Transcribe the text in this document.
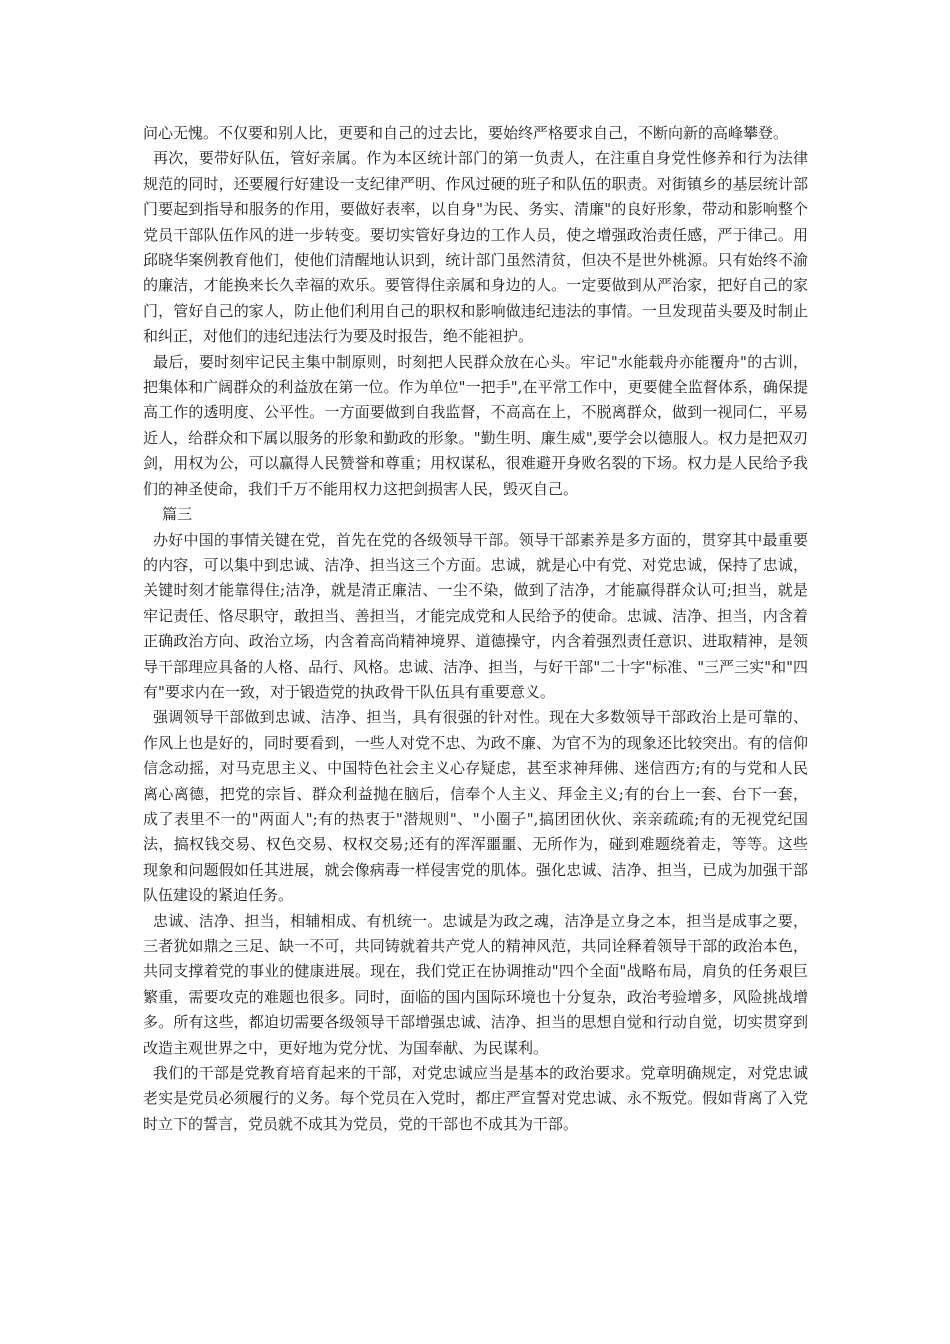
问心无愧。不仅要和别人比，更要和自己的过去比，要始终严格要求自己，不断向新的高峰攀登。

再次，要带好队伍，管好亲属。作为本区统计部门的第一负责人，在注重自身党性修养和行为法律规范的同时，还要履行好建设一支纪律严明、作风过硬的班子和队伍的职责。对街镇乡的基层统计部门要起到指导和服务的作用，要做好表率，以自身"为民、务实、清廉"的良好形象，带动和影响整个党员干部队伍作风的进一步转变。要切实管好身边的工作人员，使之增强政治责任感，严于律己。用邱晓华案例教育他们，使他们清醒地认识到，统计部门虽然清贫，但决不是世外桃源。只有始终不渝的廉洁，才能换来长久幸福的欢乐。要管得住亲属和身边的人。一定要做到从严治家，把好自己的家门，管好自己的家人，防止他们利用自己的职权和影响做违纪违法的事情。一旦发现苗头要及时制止和纠正，对他们的违纪违法行为要及时报告，绝不能袒护。

最后，要时刻牢记民主集中制原则，时刻把人民群众放在心头。牢记"水能载舟亦能覆舟"的古训，把集体和广阔群众的利益放在第一位。作为单位"一把手",在平常工作中，更要健全监督体系，确保提高工作的透明度、公平性。一方面要做到自我监督，不高高在上，不脱离群众，做到一视同仁，平易近人，给群众和下属以服务的形象和勤政的形象。"勤生明、廉生威",要学会以德服人。权力是把双刃剑，用权为公，可以赢得人民赞誉和尊重；用权谋私，很难避开身败名裂的下场。权力是人民给予我们的神圣使命，我们千万不能用权力这把剑损害人民，毁灭自己。

篇三

办好中国的事情关键在党，首先在党的各级领导干部。领导干部素养是多方面的，贯穿其中最重要的内容，可以集中到忠诚、洁净、担当这三个方面。忠诚，就是心中有党、对党忠诚，保持了忠诚，关键时刻才能靠得住;洁净，就是清正廉洁、一尘不染，做到了洁净，才能赢得群众认可;担当，就是牢记责任、恪尽职守，敢担当、善担当，才能完成党和人民给予的使命。忠诚、洁净、担当，内含着正确政治方向、政治立场，内含着高尚精神境界、道德操守，内含着强烈责任意识、进取精神，是领导干部理应具备的人格、品行、风格。忠诚、洁净、担当，与好干部"二十字"标准、"三严三实"和"四有"要求内在一致，对于锻造党的执政骨干队伍具有重要意义。

强调领导干部做到忠诚、洁净、担当，具有很强的针对性。现在大多数领导干部政治上是可靠的、作风上也是好的，同时要看到，一些人对党不忠、为政不廉、为官不为的现象还比较突出。有的信仰信念动摇，对马克思主义、中国特色社会主义心存疑虑，甚至求神拜佛、迷信西方;有的与党和人民离心离德，把党的宗旨、群众利益抛在脑后，信奉个人主义、拜金主义;有的台上一套、台下一套，成了表里不一的"两面人";有的热衷于"潜规则"、"小圈子",搞团团伙伙、亲亲疏疏;有的无视党纪国法，搞权钱交易、权色交易、权权交易;还有的浑浑噩噩、无所作为，碰到难题绕着走，等等。这些现象和问题假如任其进展，就会像病毒一样侵害党的肌体。强化忠诚、洁净、担当，已成为加强干部队伍建设的紧迫任务。

忠诚、洁净、担当，相辅相成、有机统一。忠诚是为政之魂，洁净是立身之本，担当是成事之要，三者犹如鼎之三足、缺一不可，共同铸就着共产党人的精神风范，共同诠释着领导干部的政治本色，共同支撑着党的事业的健康进展。现在，我们党正在协调推动"四个全面"战略布局，肩负的任务艰巨繁重，需要攻克的难题也很多。同时，面临的国内国际环境也十分复杂，政治考验增多，风险挑战增多。所有这些，都迫切需要各级领导干部增强忠诚、洁净、担当的思想自觉和行动自觉，切实贯穿到改造主观世界之中，更好地为党分忧、为国奉献、为民谋利。

我们的干部是党教育培育起来的干部，对党忠诚应当是基本的政治要求。党章明确规定，对党忠诚老实是党员必须履行的义务。每个党员在入党时，都庄严宣誓对党忠诚、永不叛党。假如背离了入党时立下的誓言，党员就不成其为党员，党的干部也不成其为干部。
